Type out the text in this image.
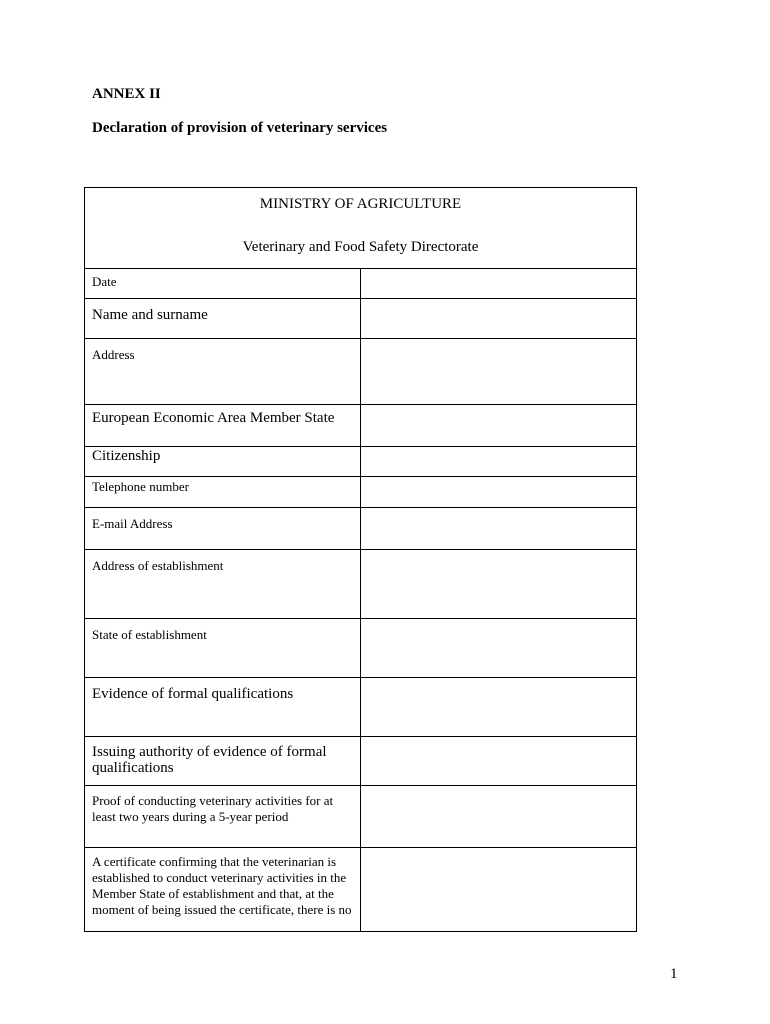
ANNEX II
Declaration of provision of veterinary services
MINISTRY OF AGRICULTURE
Veterinary and Food Safety Directorate	

Date	
Name and surname	
Address	
European Economic Area Member State	
Citizenship	
Telephone number	
E-mail Address	
Address of establishment	
State of establishment	
Evidence of formal qualifications	
Issuing authority of evidence of formal qualifications	
Proof of conducting veterinary activities for at least two years during a 5-year period	
A certificate confirming that the veterinarian is established to conduct veterinary activities in the Member State of establishment and that, at the moment of being issued the certificate, there is no	
1
